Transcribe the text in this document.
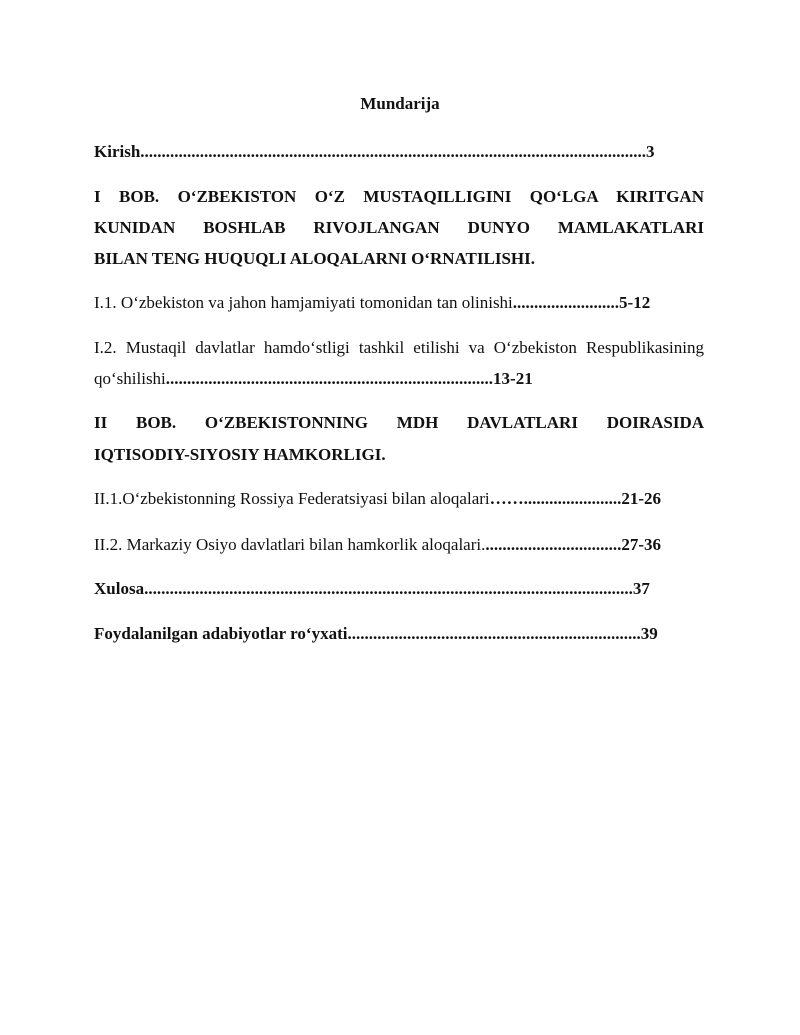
Mundarija
Kirish.......................................................................................................................3
I BOB. O‘ZBEKISTON O‘Z MUSTAQILLIGINI QO‘LGA KIRITGAN
KUNIDAN BOSHLAB RIVOJLANGAN DUNYO MAMLAKATLARI
BILAN TENG HUQUQLI ALOQALARNI O‘RNATILISHI.
I.1. O‘zbekiston va jahon hamjamiyati tomonidan tan olinishi.........................5-12
I.2. Mustaqil davlatlar hamdo‘stligi tashkil etilishi va O‘zbekiston Respublikasining
qo‘shilishi.............................................................................13-21
II BOB. O‘ZBEKISTONNING MDH DAVLATLARI DOIRASIDA
IQTISODIY-SIYOSIY HAMKORLIGI.
II.1.O‘zbekistonning Rossiya Federatsiyasi bilan aloqalari…….......................21-26
II.2. Markaziy Osiyo davlatlari bilan hamkorlik aloqalari.................................27-36
Xulosa...................................................................................................................37
Foydalanilgan adabiyotlar ro‘yxati.....................................................................39
